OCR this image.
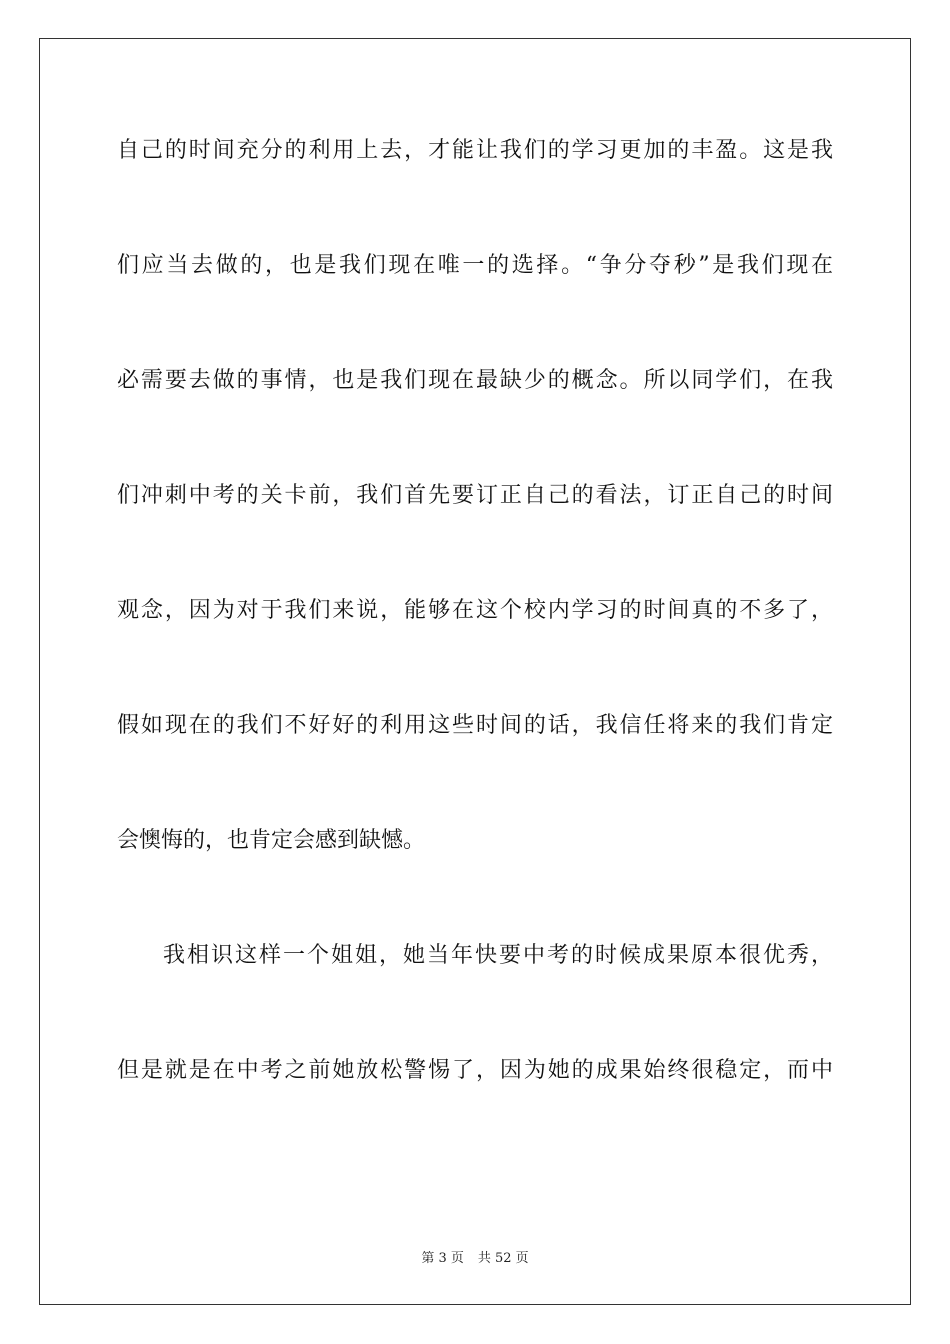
自己的时间充分的利用上去，才能让我们的学习更加的丰盈。这是我
们应当去做的，也是我们现在唯一的选择。“争分夺秒”是我们现在
必需要去做的事情，也是我们现在最缺少的概念。所以同学们，在我
们冲刺中考的关卡前，我们首先要订正自己的看法，订正自己的时间
观念，因为对于我们来说，能够在这个校内学习的时间真的不多了，
假如现在的我们不好好的利用这些时间的话，我信任将来的我们肯定
会懊悔的，也肯定会感到缺憾。
我相识这样一个姐姐，她当年快要中考的时候成果原本很优秀，
但是就是在中考之前她放松警惕了，因为她的成果始终很稳定，而中
第 3 页 共 52 页
